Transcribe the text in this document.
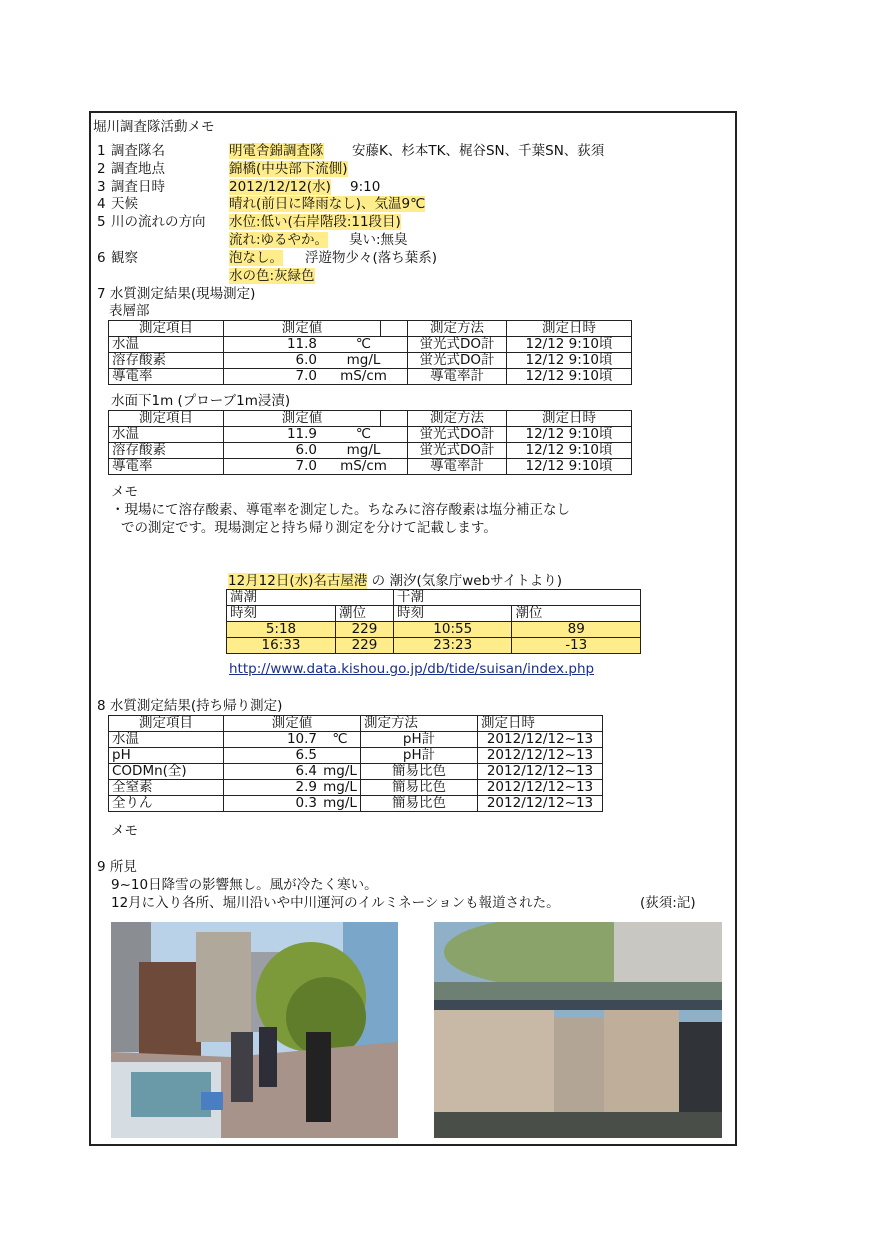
堀川調査隊活動メモ
1 調査隊名	明電舎錦調査隊 安藤K、杉本TK、梶谷SN、千葉SN、荻須
2 調査地点	錦橋(中央部下流側)
3 調査日時	2012/12/12(水) 9:10
4 天候	晴れ(前日に降雨なし)、気温9℃
5 川の流れの方向 水位:低い(右岸階段:11段目)
流れ:ゆるやか。 臭い:無臭
6 観察	泡なし。 浮遊物少々(落ち葉系)
水の色:灰緑色
7 水質測定結果(現場測定)
表層部
測定項目	測定値			測定方法	測定日時
水温	11.8	℃		蛍光式DO計	12/12 9:10頃
溶存酸素	6.0	mg/L		蛍光式DO計	12/12 9:10頃
導電率	7.0	mS/cm		導電率計	12/12 9:10頃
水面下1m (プローブ1m浸漬)
測定項目	測定値			測定方法	測定日時
水温	11.9	℃		蛍光式DO計	12/12 9:10頃
溶存酸素	6.0	mg/L		蛍光式DO計	12/12 9:10頃
導電率	7.0	mS/cm		導電率計	12/12 9:10頃
メモ
・現場にて溶存酸素、導電率を測定した。ちなみに溶存酸素は塩分補正なし
での測定です。現場測定と持ち帰り測定を分けて記載します。
12月12日(水)名古屋港 の 潮汐(気象庁webサイトより)
満潮		干潮	
時刻	潮位	時刻	潮位
5:18	229	10:55	89
16:33	229	23:23	-13
http://www.data.kishou.go.jp/db/tide/suisan/index.php
8 水質測定結果(持ち帰り測定)
測定項目	測定値		測定方法	測定日時
水温	10.7	℃	pH計	2012/12/12~13
pH	6.5		pH計	2012/12/12~13
CODMn(全)	6.4	mg/L	簡易比色	2012/12/12~13
全窒素	2.9	mg/L	簡易比色	2012/12/12~13
全りん	0.3	mg/L	簡易比色	2012/12/12~13
メモ
9 所見
9~10日降雪の影響無し。風が冷たく寒い。
12月に入り各所、堀川沿いや中川運河のイルミネーションも報道された。	(荻須:記)
